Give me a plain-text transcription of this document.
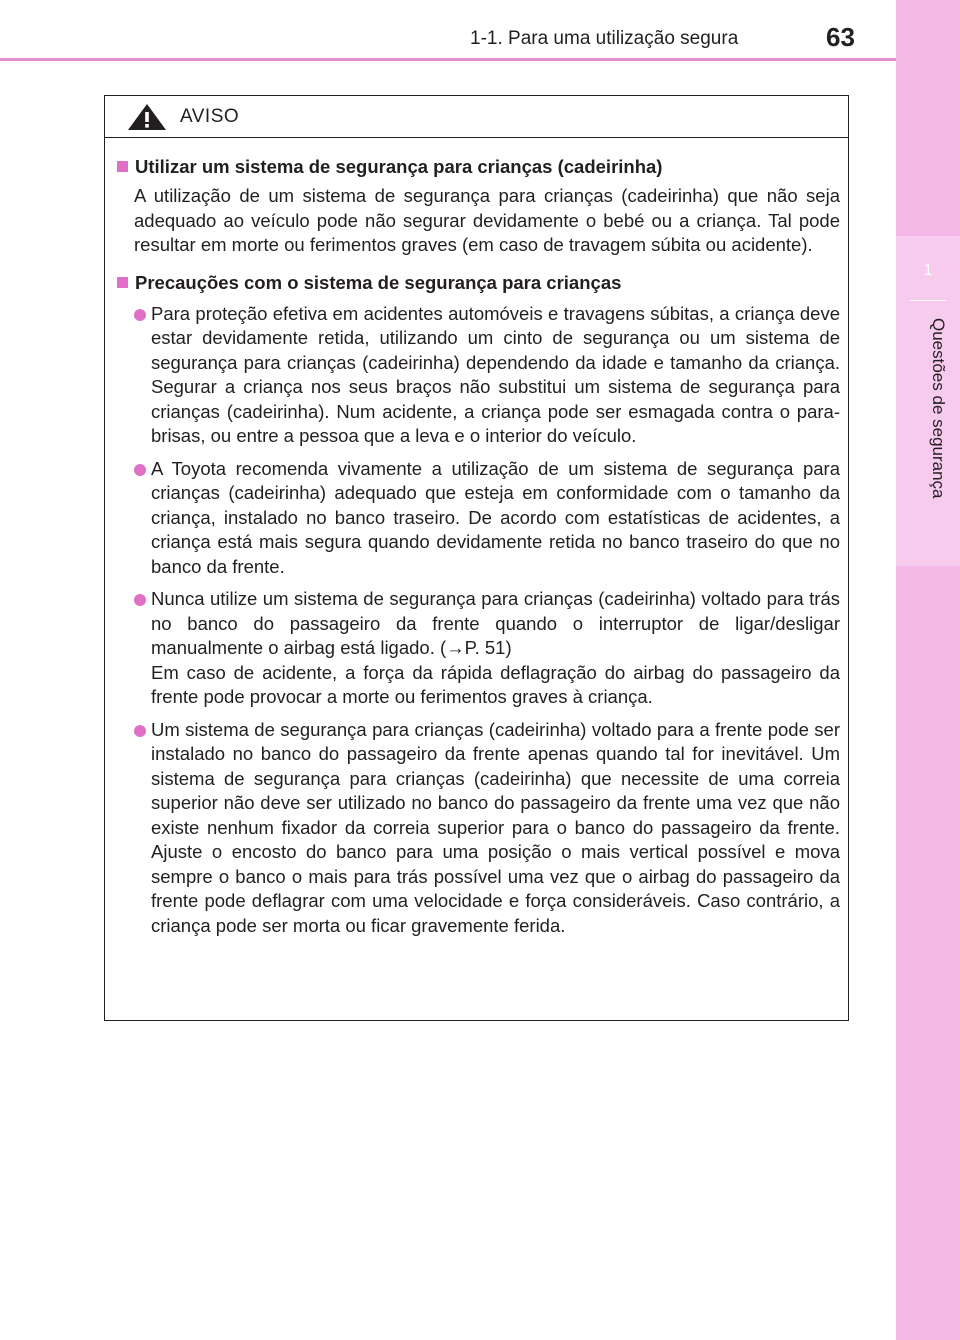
1-1. Para uma utilização segura	63
1
Questões de segurança
AVISO
Utilizar um sistema de segurança para crianças (cadeirinha)

A utilização de um sistema de segurança para crianças (cadeirinha) que não seja adequado ao veículo pode não segurar devidamente o bebé ou a criança. Tal pode resultar em morte ou ferimentos graves (em caso de travagem súbita ou acidente).

Precauções com o sistema de segurança para crianças

Para proteção efetiva em acidentes automóveis e travagens súbitas, a criança deve estar devidamente retida, utilizando um cinto de segurança ou um sistema de segurança para crianças (cadeirinha) dependendo da idade e tamanho da criança. Segurar a criança nos seus braços não substitui um sistema de segurança para crianças (cadeirinha). Num acidente, a criança pode ser esmagada contra o para-brisas, ou entre a pessoa que a leva e o interior do veículo.

A Toyota recomenda vivamente a utilização de um sistema de segurança para crianças (cadeirinha) adequado que esteja em conformidade com o tamanho da criança, instalado no banco traseiro. De acordo com estatísticas de acidentes, a criança está mais segura quando devidamente retida no banco traseiro do que no banco da frente.

Nunca utilize um sistema de segurança para crianças (cadeirinha) voltado para trás no banco do passageiro da frente quando o interruptor de ligar/desligar manualmente o airbag está ligado. (→P. 51)

Em caso de acidente, a força da rápida deflagração do airbag do passageiro da frente pode provocar a morte ou ferimentos graves à criança.

Um sistema de segurança para crianças (cadeirinha) voltado para a frente pode ser instalado no banco do passageiro da frente apenas quando tal for inevitável. Um sistema de segurança para crianças (cadeirinha) que necessite de uma correia superior não deve ser utilizado no banco do passageiro da frente uma vez que não existe nenhum fixador da correia superior para o banco do passageiro da frente. Ajuste o encosto do banco para uma posição o mais vertical possível e mova sempre o banco o mais para trás possível uma vez que o airbag do passageiro da frente pode deflagrar com uma velocidade e força consideráveis. Caso contrário, a criança pode ser morta ou ficar gravemente ferida.
